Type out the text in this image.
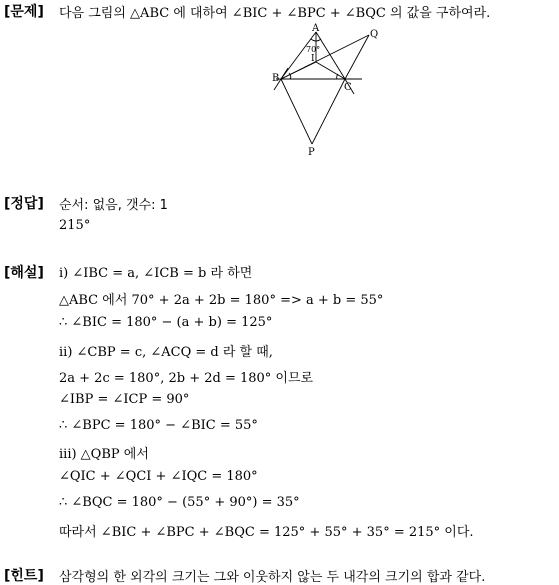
[문제] 다음 그림의 △ABC 에 대하여 ∠BIC + ∠BPC + ∠BQC 의 값을 구하여라.
A
Q
B
C
I
P
70°
[정답] 순서: 없음, 갯수: 1
215°
[해설] i) ∠IBC = a, ∠ICB = b 라 하면
△ABC 에서 70° + 2a + 2b = 180° => a + b = 55°
∴ ∠BIC = 180° − (a + b) = 125°
ii) ∠CBP = c, ∠ACQ = d 라 할 때,
2a + 2c = 180°, 2b + 2d = 180° 이므로
∠IBP = ∠ICP = 90°
∴ ∠BPC = 180° − ∠BIC = 55°
iii) △QBP 에서
∠QIC + ∠QCI + ∠IQC = 180°
∴ ∠BQC = 180° − (55° + 90°) = 35°
따라서 ∠BIC + ∠BPC + ∠BQC = 125° + 55° + 35° = 215° 이다.
[힌트] 삼각형의 한 외각의 크기는 그와 이웃하지 않는 두 내각의 크기의 합과 같다.
